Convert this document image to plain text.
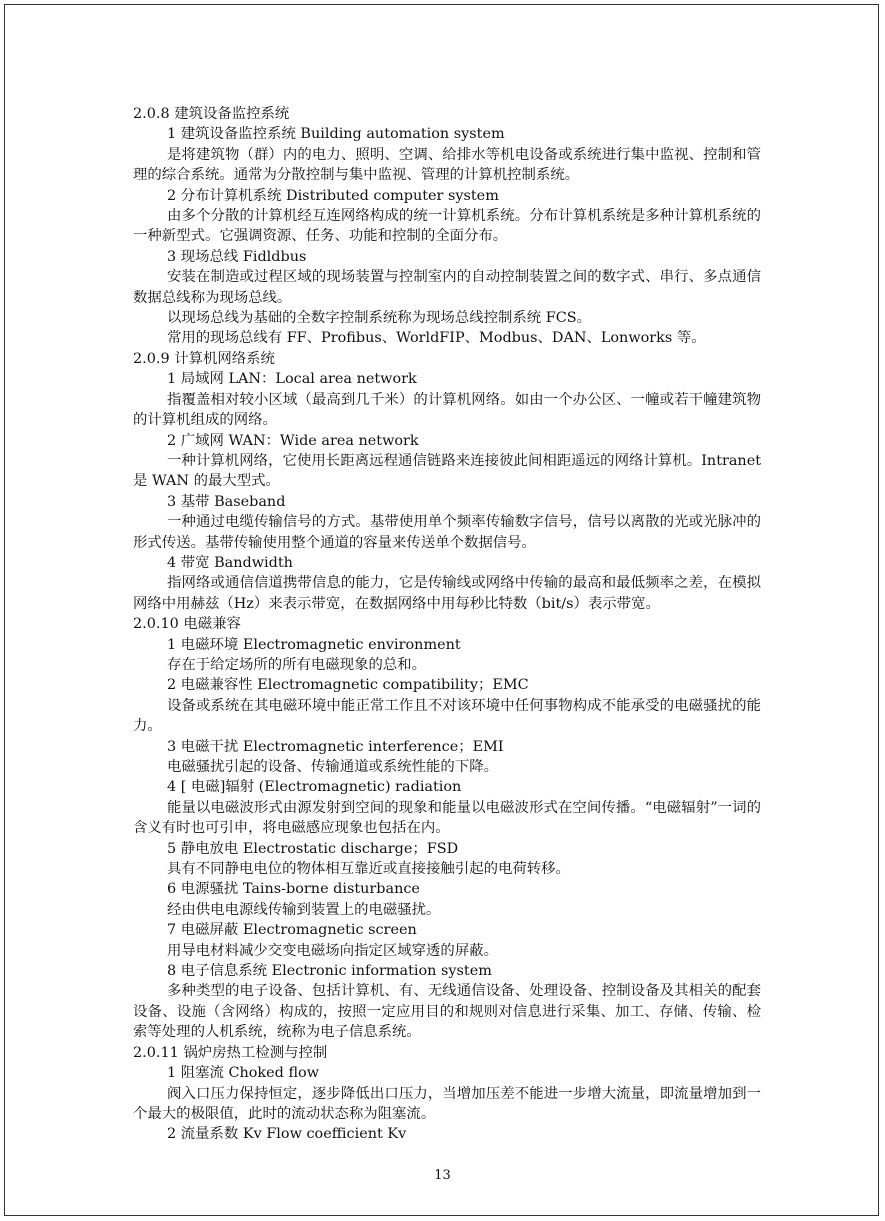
2.0.8 建筑设备监控系统

1 建筑设备监控系统 Building automation system

是将建筑物（群）内的电力、照明、空调、给排水等机电设备或系统进行集中监视、控制和管理的综合系统。通常为分散控制与集中监视、管理的计算机控制系统。

2 分布计算机系统 Distributed computer system

由多个分散的计算机经互连网络构成的统一计算机系统。分布计算机系统是多种计算机系统的一种新型式。它强调资源、任务、功能和控制的全面分布。

3 现场总线 Fidldbus

安装在制造或过程区域的现场装置与控制室内的自动控制装置之间的数字式、串行、多点通信数据总线称为现场总线。

以现场总线为基础的全数字控制系统称为现场总线控制系统 FCS。

常用的现场总线有 FF、Profibus、WorldFIP、Modbus、DAN、Lonworks 等。

2.0.9 计算机网络系统

1 局域网 LAN：Local area network

指覆盖相对较小区域（最高到几千米）的计算机网络。如由一个办公区、一幢或若干幢建筑物的计算机组成的网络。

2 广域网 WAN：Wide area network

一种计算机网络，它使用长距离远程通信链路来连接彼此间相距遥远的网络计算机。Intranet 是 WAN 的最大型式。

3 基带 Baseband

一种通过电缆传输信号的方式。基带使用单个频率传输数字信号，信号以离散的光或光脉冲的形式传送。基带传输使用整个通道的容量来传送单个数据信号。

4 带宽 Bandwidth

指网络或通信信道携带信息的能力，它是传输线或网络中传输的最高和最低频率之差，在模拟网络中用赫兹（Hz）来表示带宽，在数据网络中用每秒比特数（bit/s）表示带宽。

2.0.10 电磁兼容

1 电磁环境 Electromagnetic environment

存在于给定场所的所有电磁现象的总和。

2 电磁兼容性 Electromagnetic compatibility；EMC

设备或系统在其电磁环境中能正常工作且不对该环境中任何事物构成不能承受的电磁骚扰的能力。

3 电磁干扰 Electromagnetic interference；EMI

电磁骚扰引起的设备、传输通道或系统性能的下降。

4 [ 电磁]辐射 (Electromagnetic) radiation

能量以电磁波形式由源发射到空间的现象和能量以电磁波形式在空间传播。“电磁辐射”一词的含义有时也可引申，将电磁感应现象也包括在内。

5 静电放电 Electrostatic discharge；FSD

具有不同静电电位的物体相互靠近或直接接触引起的电荷转移。

6 电源骚扰 Tains-borne disturbance

经由供电电源线传输到装置上的电磁骚扰。

7 电磁屏蔽 Electromagnetic screen

用导电材料减少交变电磁场向指定区域穿透的屏蔽。

8 电子信息系统 Electronic information system

多种类型的电子设备、包括计算机、有、无线通信设备、处理设备、控制设备及其相关的配套设备、设施（含网络）构成的，按照一定应用目的和规则对信息进行采集、加工、存储、传输、检索等处理的人机系统，统称为电子信息系统。

2.0.11 锅炉房热工检测与控制

1 阻塞流 Choked flow

阀入口压力保持恒定，逐步降低出口压力，当增加压差不能进一步增大流量，即流量增加到一个最大的极限值，此时的流动状态称为阻塞流。

2 流量系数 Kv Flow coefficient Kv

13
